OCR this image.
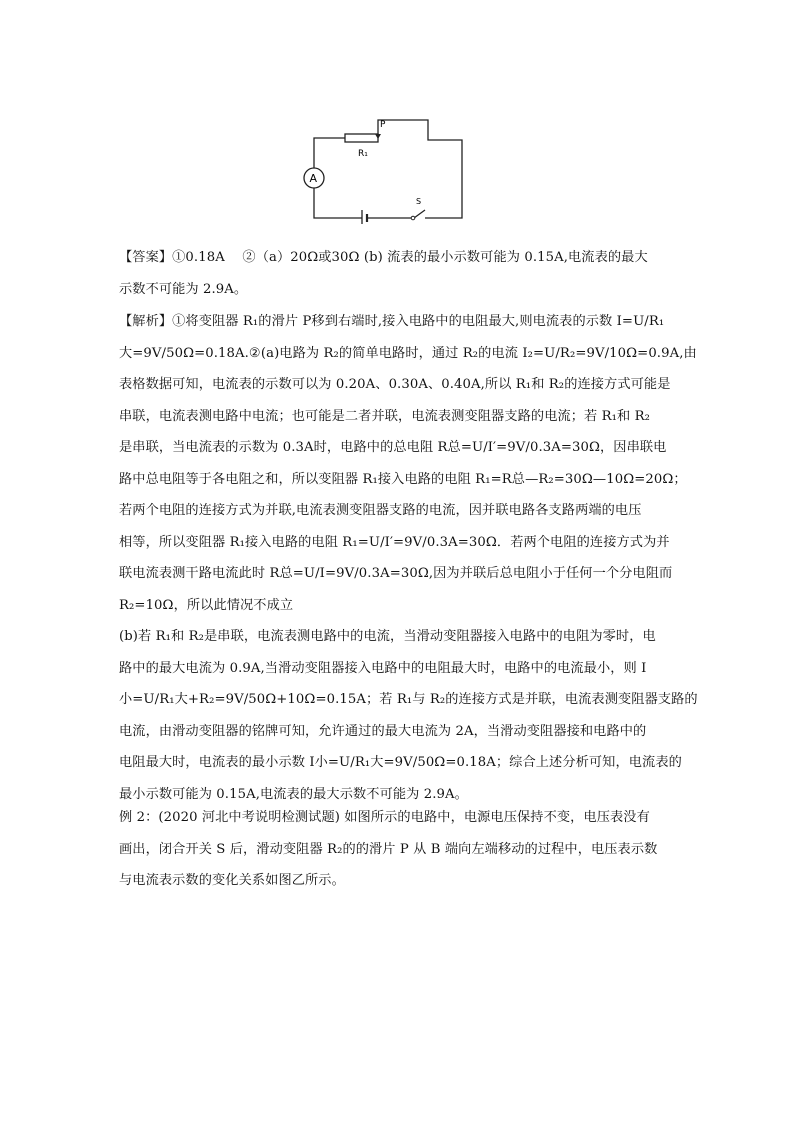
P
R₁
A
S
【答案】①0.18A　 ②（a）20Ω或30Ω (b) 流表的最小示数可能为 0.15A,电流表的最大
示数不可能为 2.9A。
【解析】①将变阻器 R₁的滑片 P移到右端时,接入电路中的电阻最大,则电流表的示数 I=U/R₁
大=9V/50Ω=0.18A.②(a)电路为 R₂的简单电路时，通过 R₂的电流 I₂=U/R₂=9V/10Ω=0.9A,由
表格数据可知，电流表的示数可以为 0.20A、0.30A、0.40A,所以 R₁和 R₂的连接方式可能是
串联，电流表测电路中电流；也可能是二者并联，电流表测变阻器支路的电流；若 R₁和 R₂
是串联，当电流表的示数为 0.3A时，电路中的总电阻 R总=U/I′=9V/0.3A=30Ω，因串联电
路中总电阻等于各电阻之和，所以变阻器 R₁接入电路的电阻 R₁=R总—R₂=30Ω—10Ω=20Ω；
若两个电阻的连接方式为并联,电流表测变阻器支路的电流，因并联电路各支路两端的电压
相等，所以变阻器 R₁接入电路的电阻 R₁=U/I′=9V/0.3A=30Ω．若两个电阻的连接方式为并
联电流表测干路电流此时 R总=U/I=9V/0.3A=30Ω,因为并联后总电阻小于任何一个分电阻而
R₂=10Ω，所以此情况不成立
(b)若 R₁和 R₂是串联，电流表测电路中的电流，当滑动变阻器接入电路中的电阻为零时，电
路中的最大电流为 0.9A,当滑动变阻器接入电路中的电阻最大时，电路中的电流最小，则 I
小=U/R₁大+R₂=9V/50Ω+10Ω=0.15A；若 R₁与 R₂的连接方式是并联，电流表测变阻器支路的
电流，由滑动变阻器的铭牌可知，允许通过的最大电流为 2A，当滑动变阻器接和电路中的
电阻最大时，电流表的最小示数 I小=U/R₁大=9V/50Ω=0.18A；综合上述分析可知，电流表的
最小示数可能为 0.15A,电流表的最大示数不可能为 2.9A。
例 2：(2020 河北中考说明检测试题) 如图所示的电路中，电源电压保持不变，电压表没有
画出，闭合开关 S 后，滑动变阻器 R₂的的滑片 P 从 B 端向左端移动的过程中，电压表示数
与电流表示数的变化关系如图乙所示。
